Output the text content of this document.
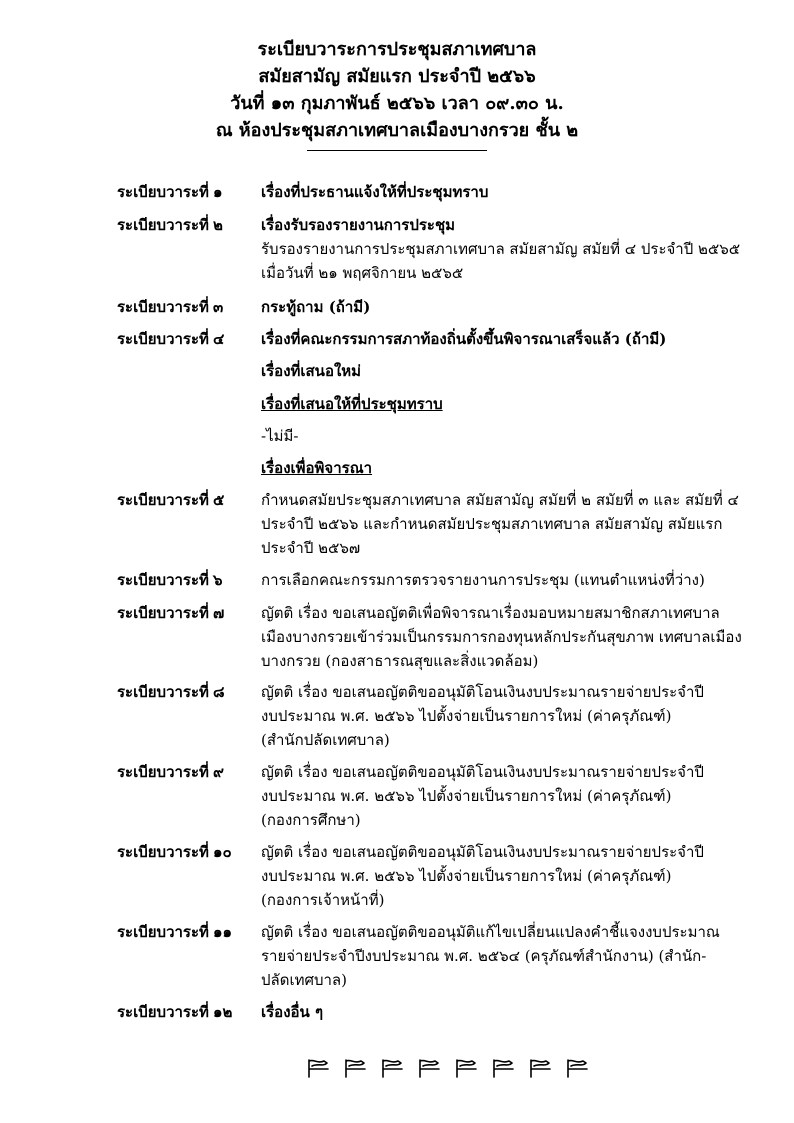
ระเบียบวาระการประชุมสภาเทศบาล
สมัยสามัญ สมัยแรก ประจำปี ๒๕๖๖
วันที่ ๑๓ กุมภาพันธ์ ๒๕๖๖ เวลา ๐๙.๓๐ น.
ณ ห้องประชุมสภาเทศบาลเมืองบางกรวย ชั้น ๒
ระเบียบวาระที่ ๑	เรื่องที่ประธานแจ้งให้ที่ประชุมทราบ
ระเบียบวาระที่ ๒	เรื่องรับรองรายงานการประชุม
รับรองรายงานการประชุมสภาเทศบาล สมัยสามัญ สมัยที่ ๔ ประจำปี ๒๕๖๕
เมื่อวันที่ ๒๑ พฤศจิกายน ๒๕๖๕
ระเบียบวาระที่ ๓	กระทู้ถาม (ถ้ามี)
ระเบียบวาระที่ ๔ เรื่องที่คณะกรรมการสภาท้องถิ่นตั้งขึ้นพิจารณาเสร็จแล้ว (ถ้ามี)
เรื่องที่เสนอใหม่
เรื่องที่เสนอให้ที่ประชุมทราบ
-ไม่มี-
เรื่องเพื่อพิจารณา
ระเบียบวาระที่ ๕ กำหนดสมัยประชุมสภาเทศบาล สมัยสามัญ สมัยที่ ๒ สมัยที่ ๓ และ สมัยที่ ๔
ประจำปี ๒๕๖๖ และกำหนดสมัยประชุมสภาเทศบาล สมัยสามัญ สมัยแรก
ประจำปี ๒๕๖๗
ระเบียบวาระที่ ๖	การเลือกคณะกรรมการตรวจรายงานการประชุม (แทนตำแหน่งที่ว่าง)
ระเบียบวาระที่ ๗ ญัตติ เรื่อง ขอเสนอญัตติเพื่อพิจารณาเรื่องมอบหมายสมาชิกสภาเทศบาล
เมืองบางกรวยเข้าร่วมเป็นกรรมการกองทุนหลักประกันสุขภาพ เทศบาลเมือง
บางกรวย (กองสาธารณสุขและสิ่งแวดล้อม)
ระเบียบวาระที่ ๘ ญัตติ เรื่อง ขอเสนอญัตติขออนุมัติโอนเงินงบประมาณรายจ่ายประจำปี
งบประมาณ พ.ศ. ๒๕๖๖ ไปตั้งจ่ายเป็นรายการใหม่ (ค่าครุภัณฑ์)
(สำนักปลัดเทศบาล)
ระเบียบวาระที่ ๙ ญัตติ เรื่อง ขอเสนอญัตติขออนุมัติโอนเงินงบประมาณรายจ่ายประจำปี
งบประมาณ พ.ศ. ๒๕๖๖ ไปตั้งจ่ายเป็นรายการใหม่ (ค่าครุภัณฑ์)
(กองการศึกษา)
ระเบียบวาระที่ ๑๐ ญัตติ เรื่อง ขอเสนอญัตติขออนุมัติโอนเงินงบประมาณรายจ่ายประจำปี
งบประมาณ พ.ศ. ๒๕๖๖ ไปตั้งจ่ายเป็นรายการใหม่ (ค่าครุภัณฑ์)
(กองการเจ้าหน้าที่)
ระเบียบวาระที่ ๑๑ ญัตติ เรื่อง ขอเสนอญัตติขออนุมัติแก้ไขเปลี่ยนแปลงคำชี้แจงงบประมาณ
รายจ่ายประจำปีงบประมาณ พ.ศ. ๒๕๖๔ (ครุภัณฑ์สำนักงาน) (สำนัก-
ปลัดเทศบาล)
ระเบียบวาระที่ ๑๒ เรื่องอื่น ๆ
